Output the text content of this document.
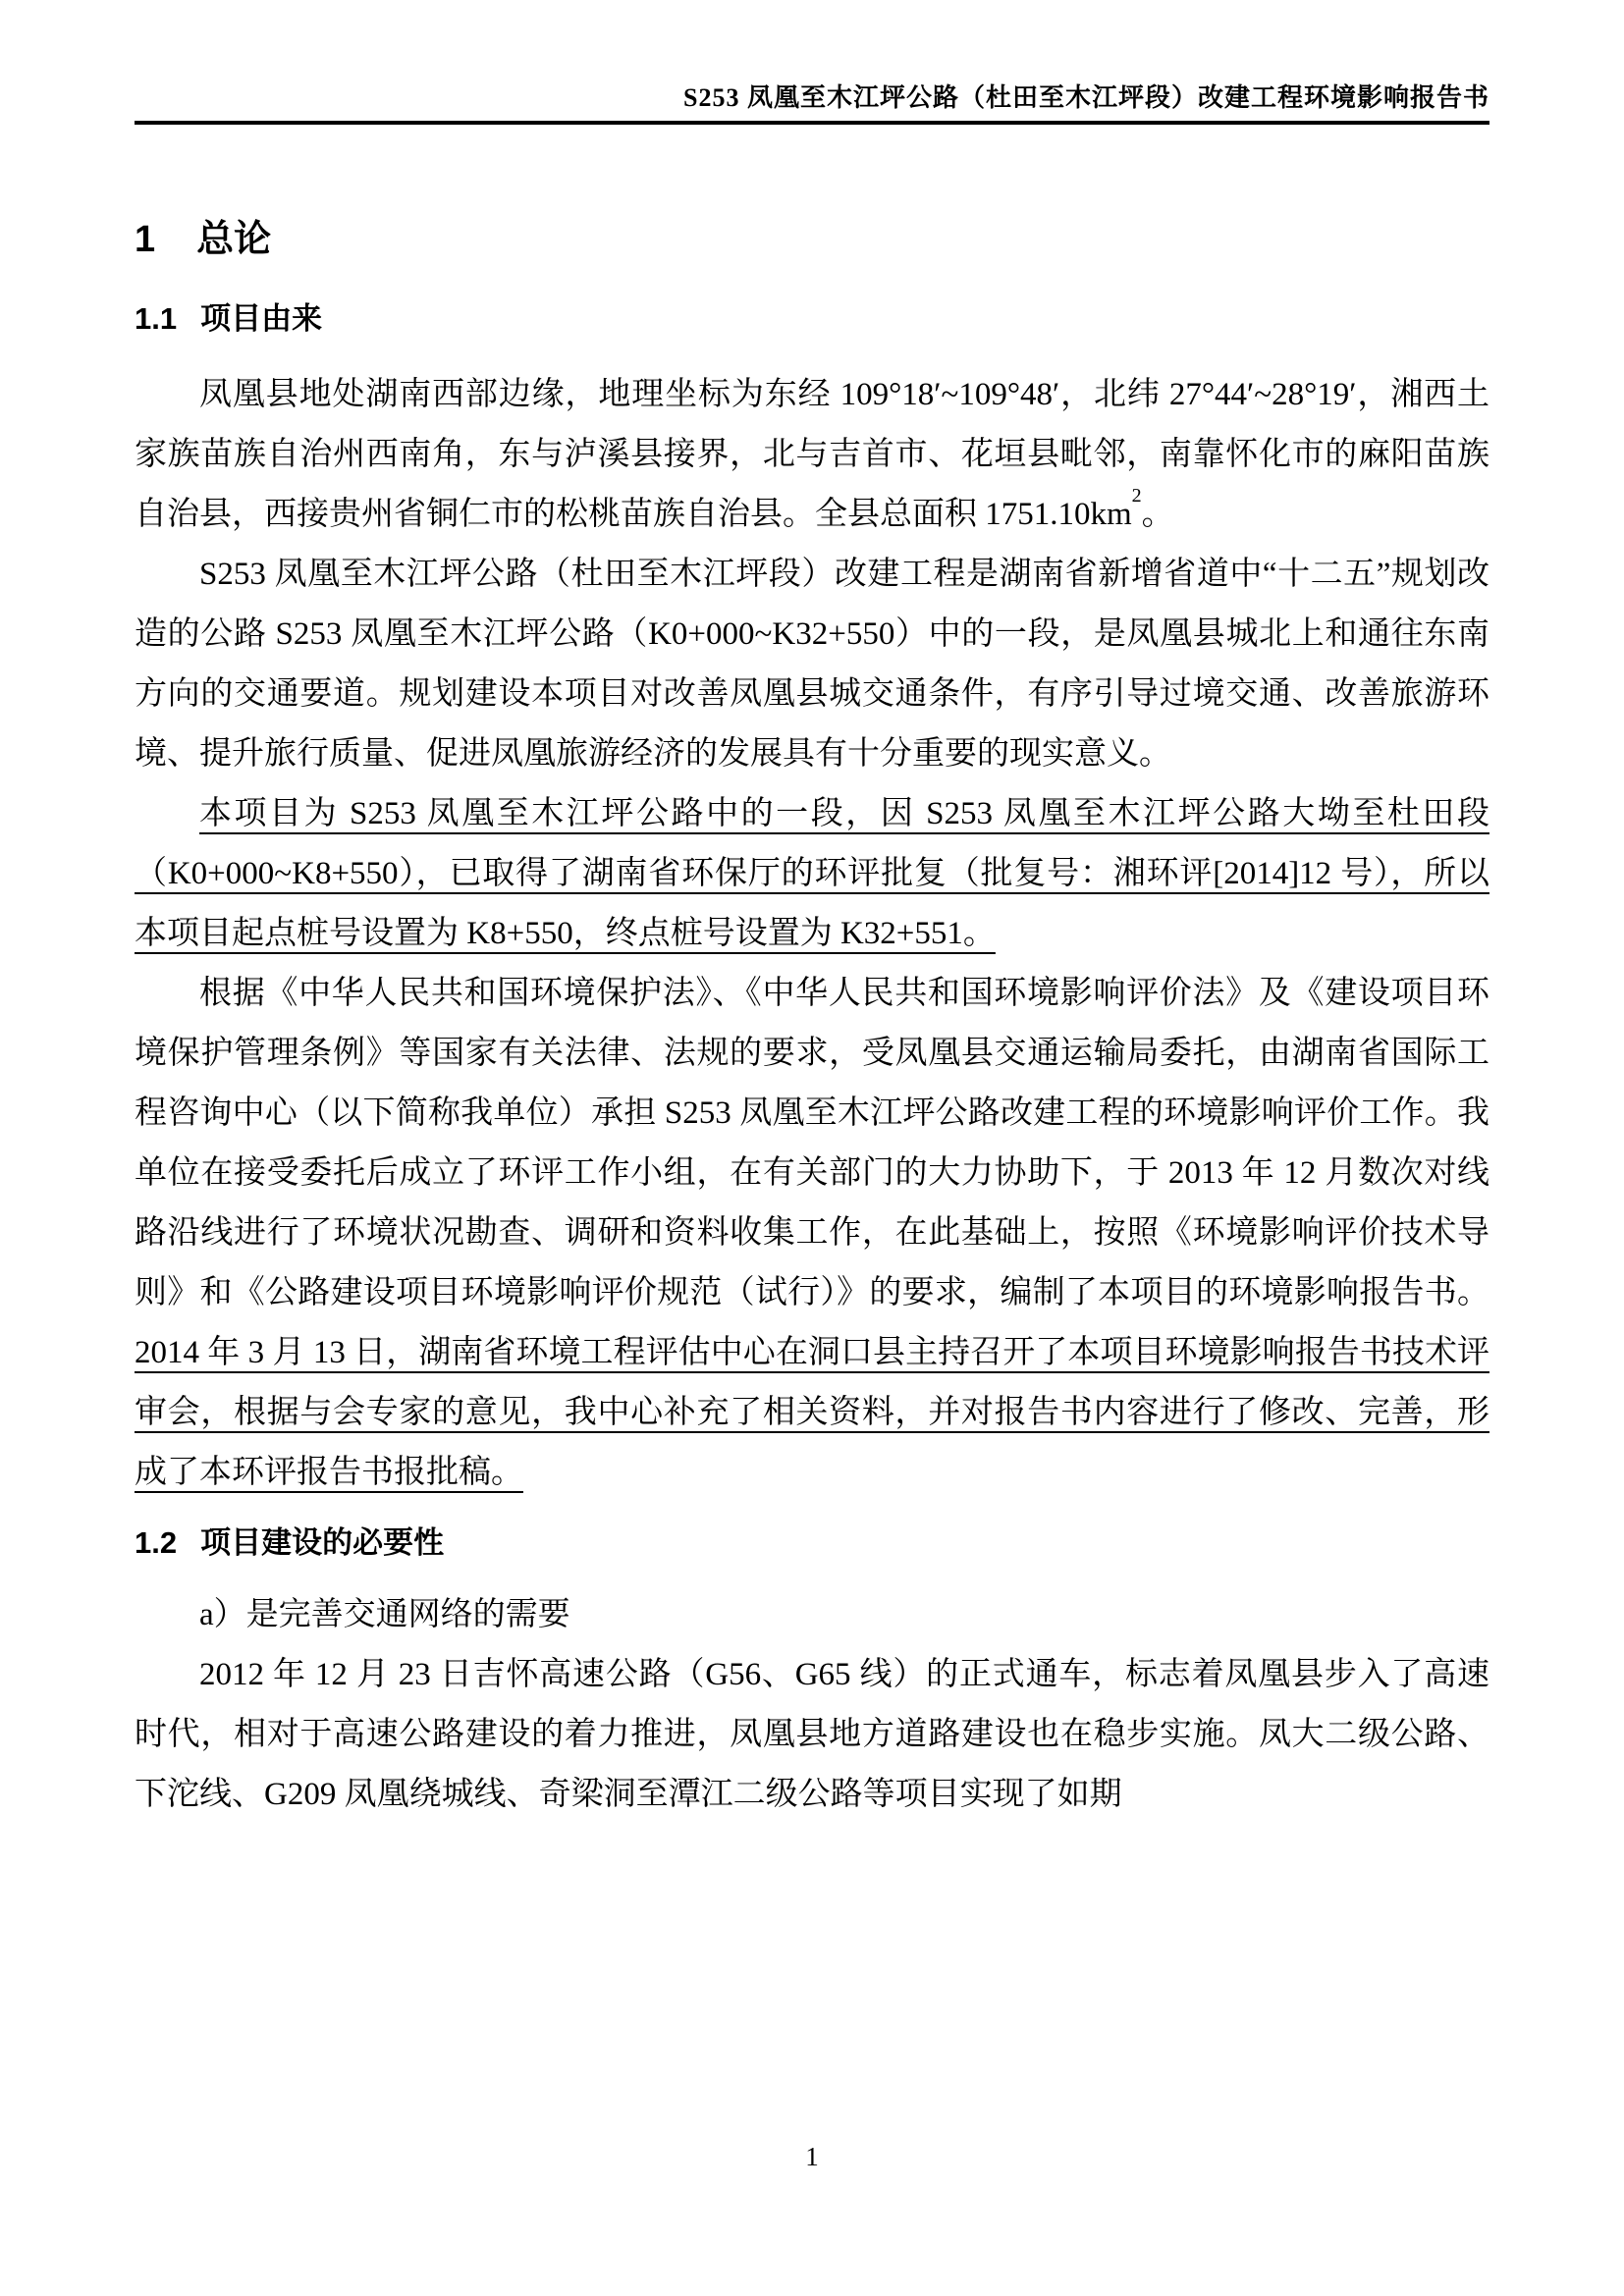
S253 凤凰至木江坪公路（杜田至木江坪段）改建工程环境影响报告书
1 总论
1.1 项目由来

凤凰县地处湖南西部边缘，地理坐标为东经 109°18′~109°48′，北纬 27°44′~28°19′，湘西土家族苗族自治州西南角，东与泸溪县接界，北与吉首市、花垣县毗邻，南靠怀化市的麻阳苗族自治县，西接贵州省铜仁市的松桃苗族自治县。全县总面积 $1751.10km^2$。

S253 凤凰至木江坪公路（杜田至木江坪段）改建工程是湖南省新增省道中“十二五”规划改造的公路 S253 凤凰至木江坪公路（K0+000~K32+550）中的一段，是凤凰县城北上和通往东南方向的交通要道。规划建设本项目对改善凤凰县城交通条件，有序引导过境交通、改善旅游环境、提升旅行质量、促进凤凰旅游经济的发展具有十分重要的现实意义。

本项目为 S253 凤凰至木江坪公路中的一段，因 S253 凤凰至木江坪公路大坳至杜田段（K0+000~K8+550），已取得了湖南省环保厅的环评批复（批复号：湘环评[2014]12 号），所以本项目起点桩号设置为 K8+550，终点桩号设置为 K32+551。

根据《中华人民共和国环境保护法》、《中华人民共和国环境影响评价法》及《建设项目环境保护管理条例》等国家有关法律、法规的要求，受凤凰县交通运输局委托，由湖南省国际工程咨询中心（以下简称我单位）承担 S253 凤凰至木江坪公路改建工程的环境影响评价工作。我单位在接受委托后成立了环评工作小组，在有关部门的大力协助下，于 2013 年 12 月数次对线路沿线进行了环境状况勘查、调研和资料收集工作，在此基础上，按照《环境影响评价技术导则》和《公路建设项目环境影响评价规范（试行）》的要求，编制了本项目的环境影响报告书。2014 年 3 月 13 日，湖南省环境工程评估中心在洞口县主持召开了本项目环境影响报告书技术评审会，根据与会专家的意见，我中心补充了相关资料，并对报告书内容进行了修改、完善，形成了本环评报告书报批稿。

1.2 项目建设的必要性

a）是完善交通网络的需要

2012 年 12 月 23 日吉怀高速公路（G56、G65 线）的正式通车，标志着凤凰县步入了高速时代，相对于高速公路建设的着力推进，凤凰县地方道路建设也在稳步实施。凤大二级公路、下沱线、G209 凤凰绕城线、奇梁洞至潭江二级公路等项目实现了如期

1
